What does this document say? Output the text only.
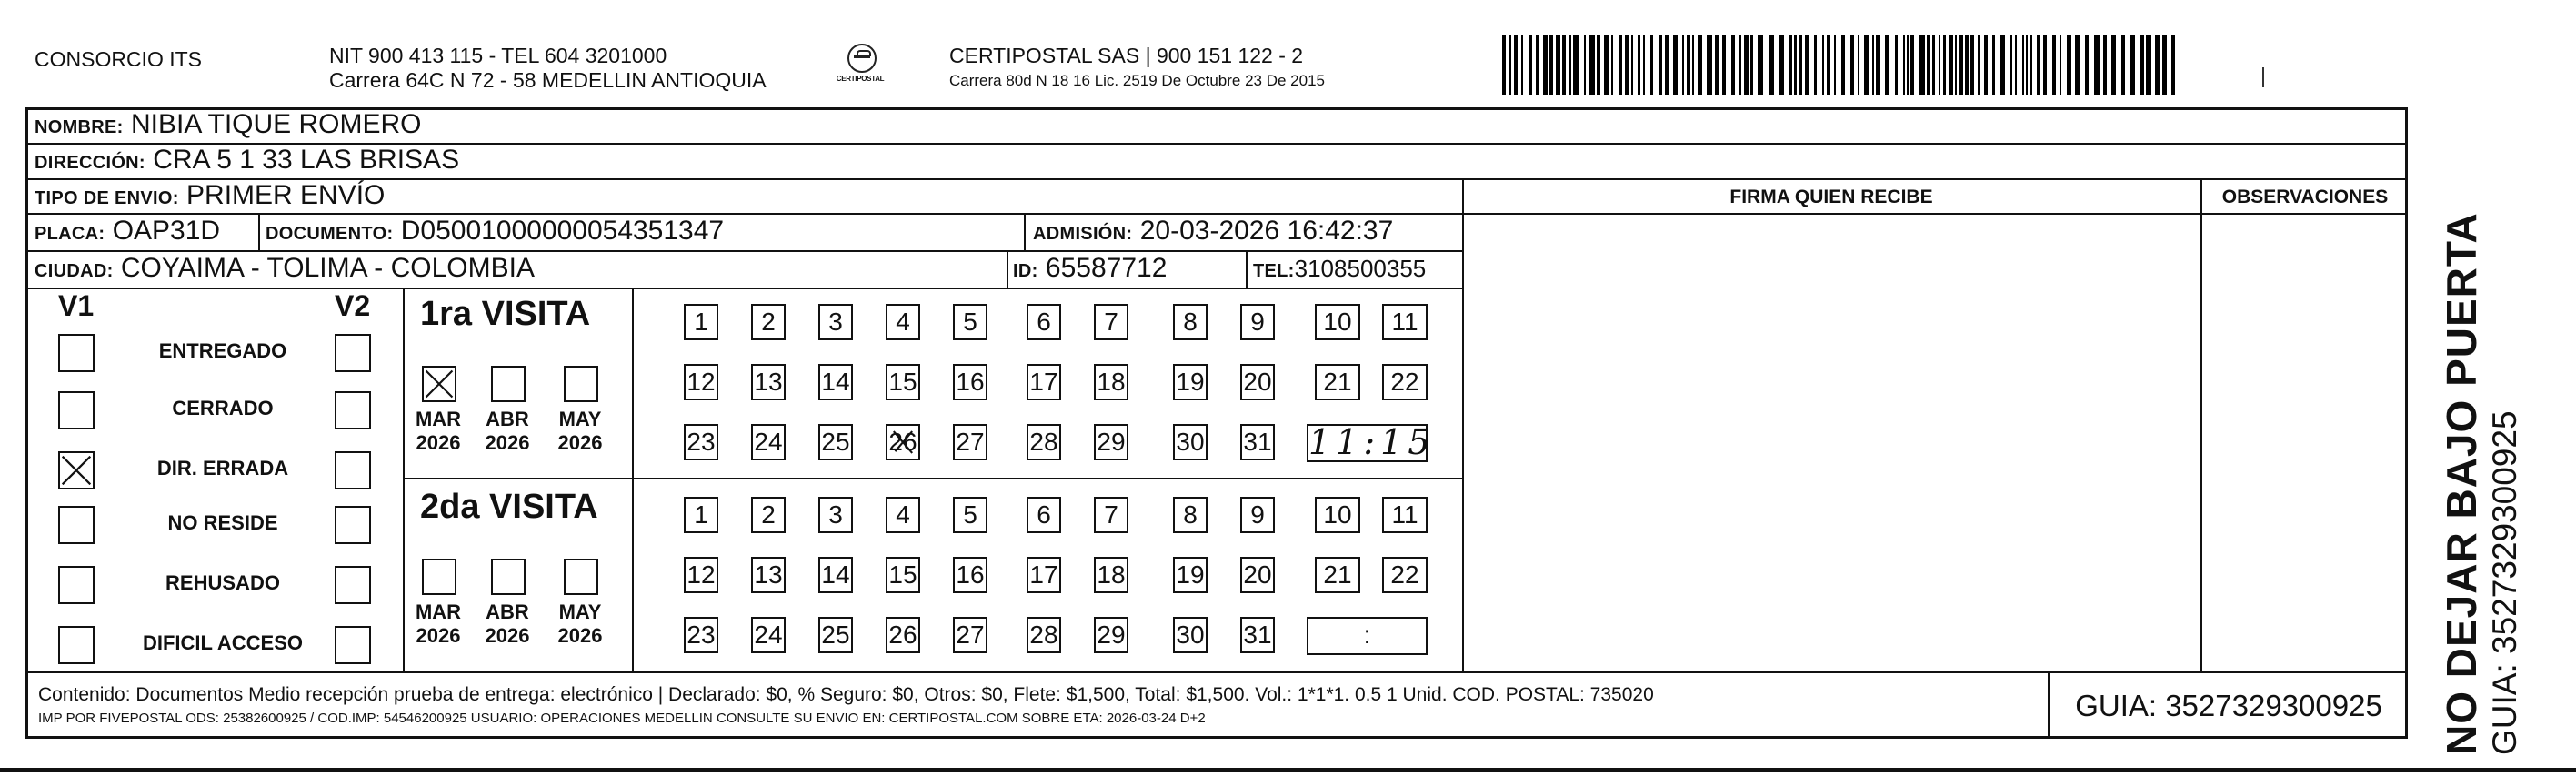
CONSORCIO ITS	NIT 900 413 115 - TEL 604 3201000
Carrera 64C N 72 - 58 MEDELLIN ANTIOQUIA	CERTIPOSTAL
CERTIPOSTAL SAS | 900 151 122 - 2
Carrera 80d N 18 16 Lic. 2519 De Octubre 23 De 2015
NOMBRE: NIBIA TIQUE ROMERO
DIRECCIÓN: CRA 5 1 33 LAS BRISAS
TIPO DE ENVIO: PRIMER ENVÍO	FIRMA QUIEN RECIBE	OBSERVACIONES
PLACA: OAP31D DOCUMENTO: D05001000000054351347	ADMISIÓN: 20-03-2026 16:42:37
CIUDAD: COYAIMA - TOLIMA - COLOMBIA	ID: 65587712	TEL:3108500355
V1	V2
ENTREGADO
CERRADO
DIR. ERRADA
NO RESIDE
REHUSADO
DIFICIL ACCESO
1ra VISITA
2da VISITA
MAR
2026
ABR
2026
MAY
2026
1	2	3	4	5	6	7	8	9	10	11
12 13 14 15 16 17 18 19 20	21	22
23 24 25 26 27 28 29 30 31 11:15
MAR
2026
ABR
2026
MAY
2026
1	2	3	4	5	6	7	8	9	10	11
12 13 14 15 16 17 18 19 20	21	22
23 24 25 26 27 28 29 30 31	:
Contenido: Documentos Medio recepción prueba de entrega: electrónico | Declarado: $0, % Seguro: $0, Otros: $0, Flete: $1,500, Total: $1,500. Vol.: 1*1*1. 0.5 1 Unid. COD. POSTAL: 735020
IMP POR FIVEPOSTAL ODS: 25382600925 / COD.IMP: 54546200925 USUARIO: OPERACIONES MEDELLIN CONSULTE SU ENVIO EN: CERTIPOSTAL.COM SOBRE ETA: 2026-03-24 D+2	GUIA: 3527329300925	NO DEJAR BAJO PUERTA GUIA: 3527329300925
